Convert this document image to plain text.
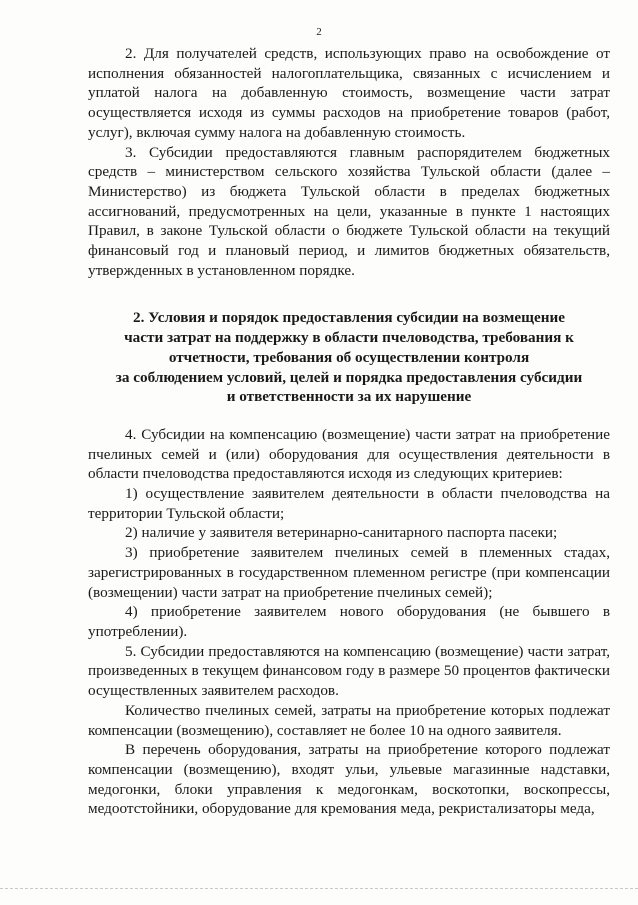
2

2. Для получателей средств, использующих право на освобождение от исполнения обязанностей налогоплательщика, связанных с исчислением и уплатой налога на добавленную стоимость, возмещение части затрат осуществляется исходя из суммы расходов на приобретение товаров (работ, услуг), включая сумму налога на добавленную стоимость.

3. Субсидии предоставляются главным распорядителем бюджетных средств – министерством сельского хозяйства Тульской области (далее – Министерство) из бюджета Тульской области в пределах бюджетных ассигнований, предусмотренных на цели, указанные в пункте 1 настоящих Правил, в законе Тульской области о бюджете Тульской области на текущий финансовый год и плановый период, и лимитов бюджетных обязательств, утвержденных в установленном порядке.

2. Условия и порядок предоставления субсидии на возмещение
части затрат на поддержку в области пчеловодства, требования к
отчетности, требования об осуществлении контроля
за соблюдением условий, целей и порядка предоставления субсидии
и ответственности за их нарушение

4. Субсидии на компенсацию (возмещение) части затрат на приобретение пчелиных семей и (или) оборудования для осуществления деятельности в области пчеловодства предоставляются исходя из следующих критериев:

1) осуществление заявителем деятельности в области пчеловодства на территории Тульской области;

2) наличие у заявителя ветеринарно-санитарного паспорта пасеки;

3) приобретение заявителем пчелиных семей в племенных стадах, зарегистрированных в государственном племенном регистре (при компенсации (возмещении) части затрат на приобретение пчелиных семей);

4) приобретение заявителем нового оборудования (не бывшего в употреблении).

5. Субсидии предоставляются на компенсацию (возмещение) части затрат, произведенных в текущем финансовом году в размере 50 процентов фактически осуществленных заявителем расходов.

Количество пчелиных семей, затраты на приобретение которых подлежат компенсации (возмещению), составляет не более 10 на одного заявителя.

В перечень оборудования, затраты на приобретение которого подлежат компенсации (возмещению), входят ульи, ульевые магазинные надставки, медогонки, блоки управления к медогонкам, воскотопки, воскопрессы, медоотстойники, оборудование для кремования меда, рекристализаторы меда,
